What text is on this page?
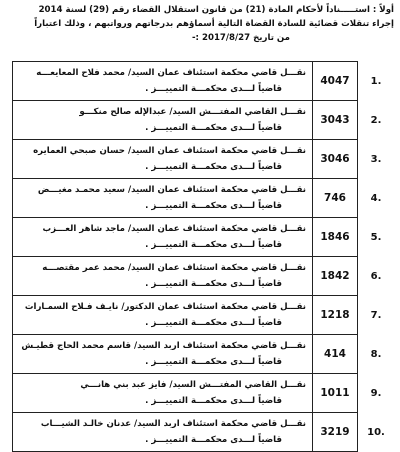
أولاً : استـــــناداً لأحكام المادة (21) من قانون استقلال القضاء رقم (29) لسنة 2014
إجراء تنقلات قضائية للسادة القضاة التالية أسماؤهم بدرجاتهم ورواتبهم ، وذلك اعتباراً
من تاريخ 2017/8/27 :-
.1	4047	نقـــل قاضي محكمة استئناف عمان السيد/ محمد فلاح المعايعـــه
قاضياً لـــدى محكمـــة التمييـــز .

.2	3043	نقـــل القاضي المفتـــش السيد/ عبدالإله صالح منكـــو
قاضياً لـــدى محكمـــة التمييـــز .

.3	3046	نقـــل قاضي محكمة استئناف عمان السيد/ حسان صبحي العمايره
قاضياً لـــدى محكمـــة التمييـــز .

.4	746	نقـــل قاضي محكمة استئناف عمان السيد/ سعيد محمـد مغيـــض
قاضياً لـــدى محكمـــة التمييـــز .

.5	1846	نقـــل قاضي محكمة استئناف عمان السيد/ ماجد شاهر العـــزب
قاضياً لـــدى محكمـــة التمييـــز .

.6	1842	نقـــل قاضي محكمة استئناف عمان السيد/ محمد عمر مقتصـــه
قاضياً لـــدى محكمـــة التمييـــز .

.7	1218	نقـــل قاضي محكمة استئناف عمان الدكتور/ نايـف فـلاح السمـارات
قاضياً لـــدى محكمـــة التمييـــز .

.8	414	نقـــل قاضي محكمة استئناف اربد السيد/ قاسم محمد الحاج قطيـش
قاضياً لـــدى محكمـــة التمييـــز .

.9	1011	نقـــل القاضي المفتـــش السيد/ فايز عبد بني هانـــي
قاضياً لـــدى محكمـــة التمييـــز .

.10	3219	نقـــل قاضي محكمة استئناف اربد السيد/ عدنان خالـد الشيـــاب
قاضياً لـــدى محكمـــة التمييـــز .
